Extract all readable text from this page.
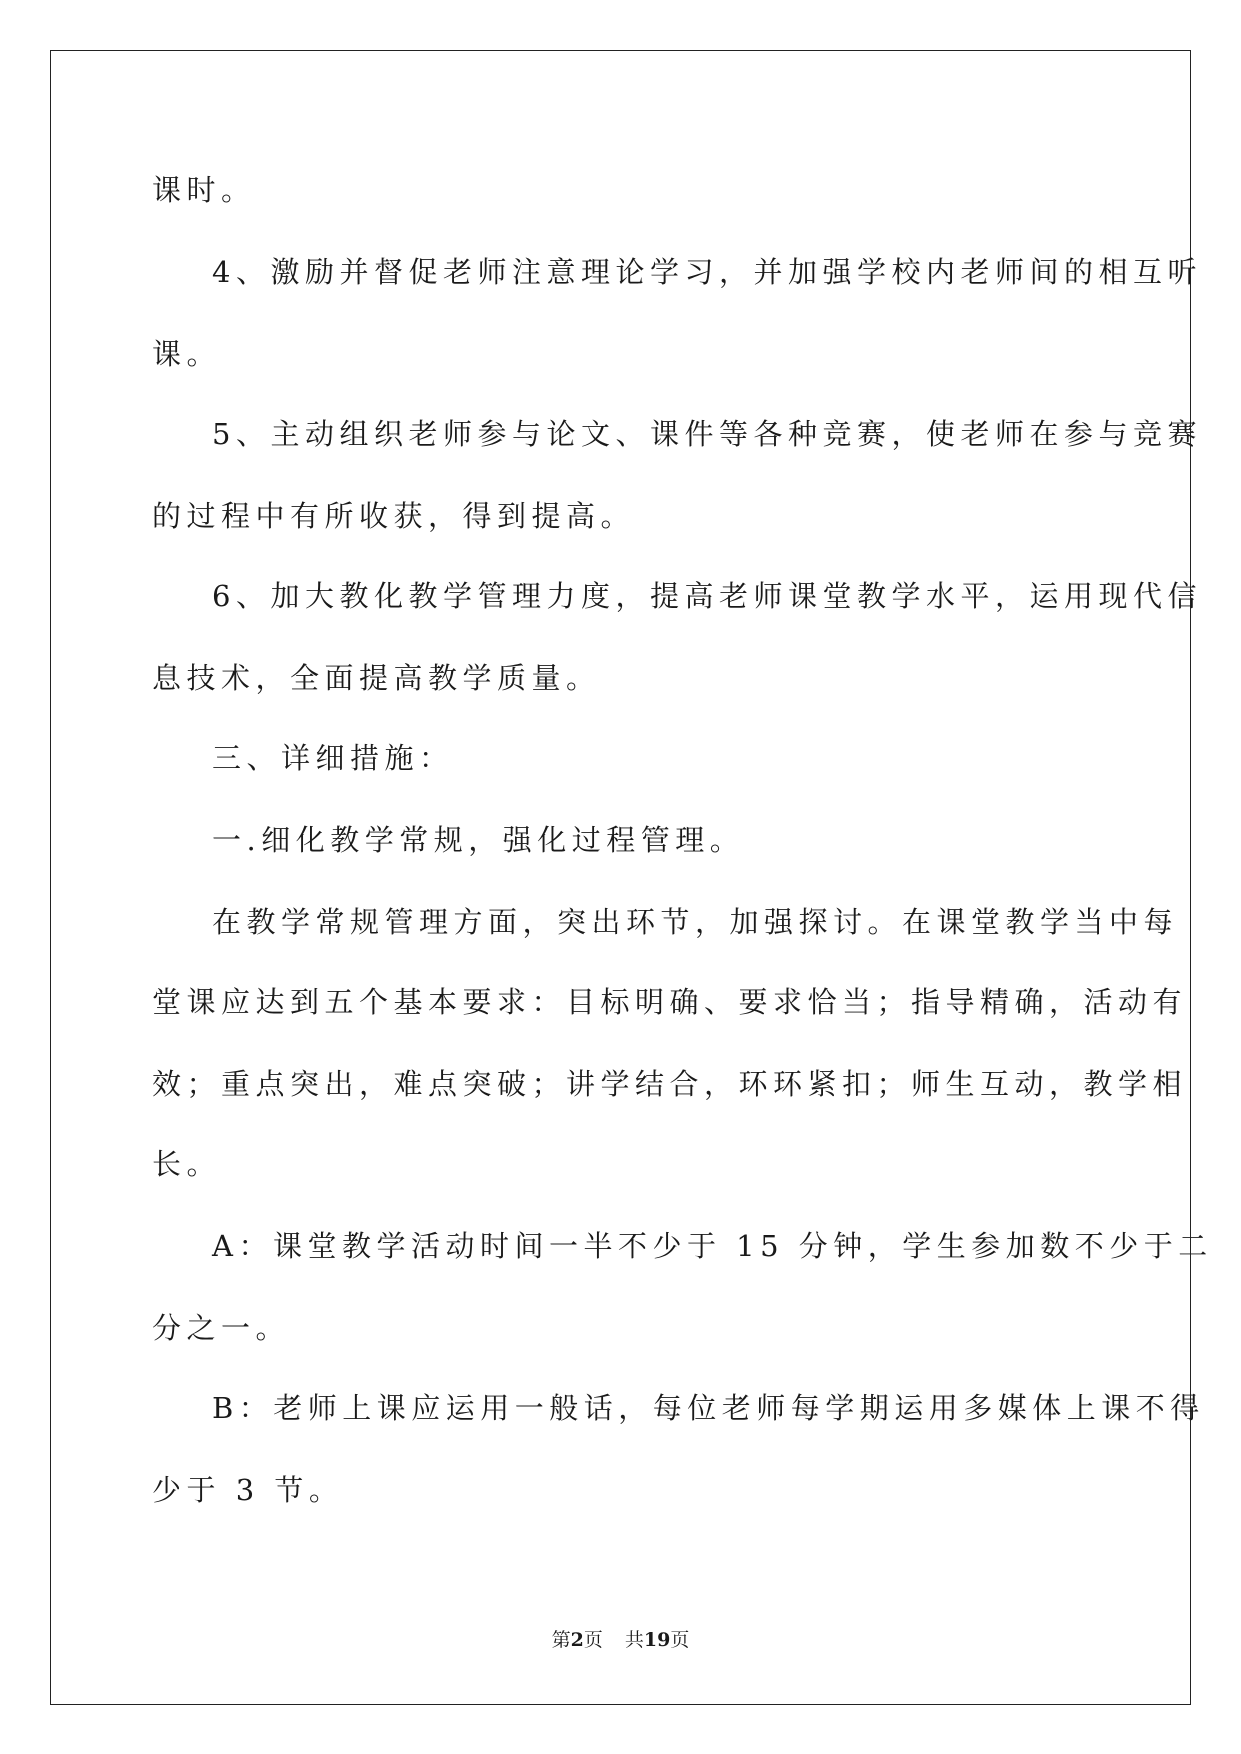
课时。
4、激励并督促老师注意理论学习，并加强学校内老师间的相互听
课。
5、主动组织老师参与论文、课件等各种竞赛，使老师在参与竞赛
的过程中有所收获，得到提高。
6、加大教化教学管理力度，提高老师课堂教学水平，运用现代信
息技术，全面提高教学质量。
三、详细措施：
一.细化教学常规，强化过程管理。
在教学常规管理方面，突出环节，加强探讨。在课堂教学当中每
堂课应达到五个基本要求：目标明确、要求恰当；指导精确，活动有
效；重点突出，难点突破；讲学结合，环环紧扣；师生互动，教学相
长。
A：课堂教学活动时间一半不少于 15 分钟，学生参加数不少于二
分之一。
B：老师上课应运用一般话，每位老师每学期运用多媒体上课不得
少于 3 节。
第2页 共19页
